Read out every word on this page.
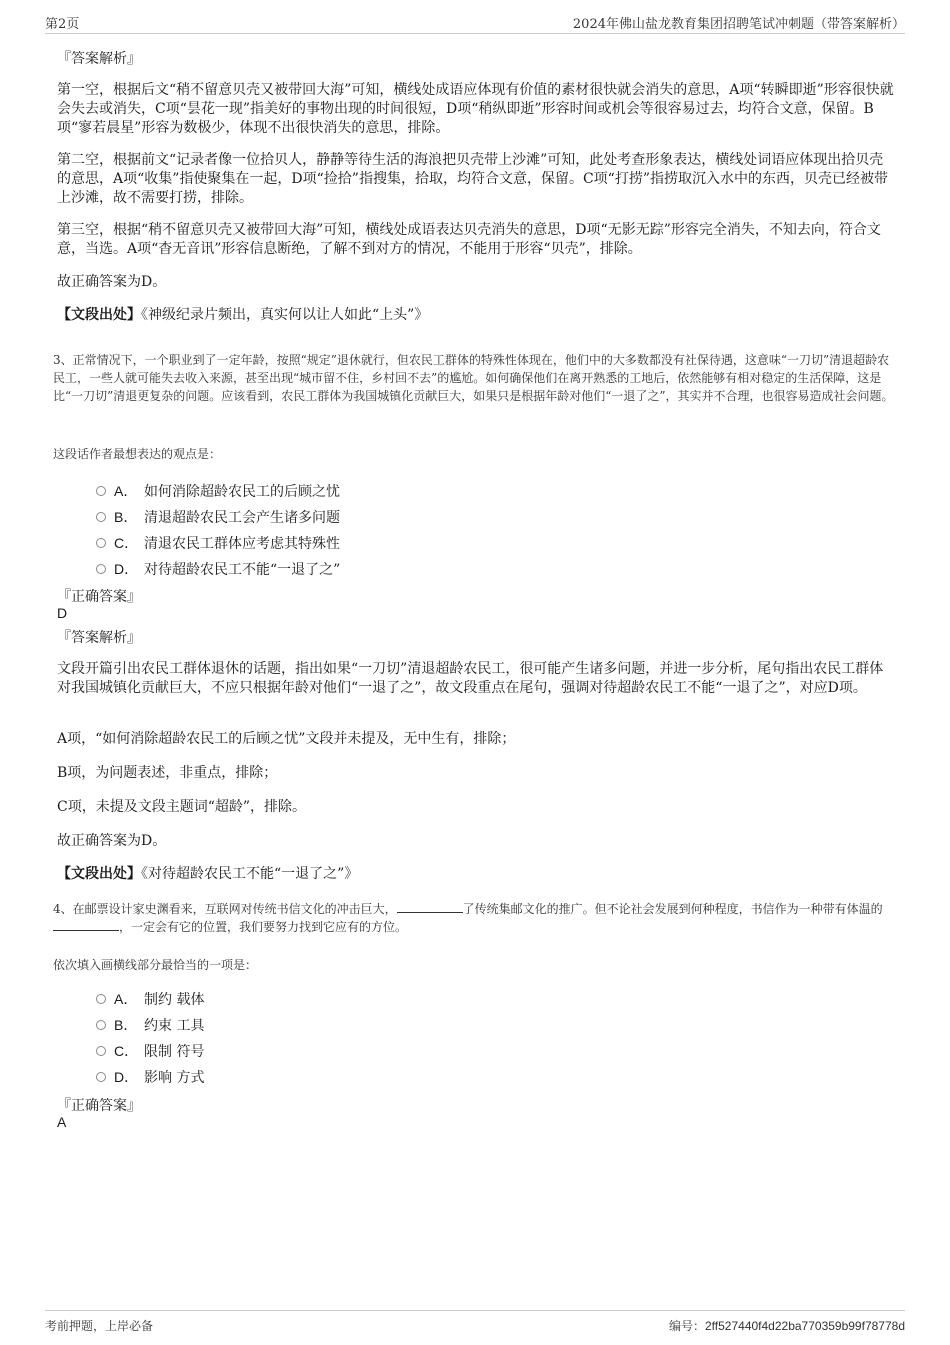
第2页	2024年佛山盐龙教育集团招聘笔试冲刺题（带答案解析）
『答案解析』
第一空，根据后文“稍不留意贝壳又被带回大海”可知，横线处成语应体现有价值的素材很快就会消失的意思，A项“转瞬即逝”形容很快就会失去或消失，C项“昙花一现”指美好的事物出现的时间很短，D项“稍纵即逝”形容时间或机会等很容易过去，均符合文意，保留。B项“寥若晨星”形容为数极少，体现不出很快消失的意思，排除。
第二空，根据前文“记录者像一位拾贝人，静静等待生活的海浪把贝壳带上沙滩”可知，此处考查形象表达，横线处词语应体现出拾贝壳的意思，A项“收集”指使聚集在一起，D项“捡拾”指搜集，拾取，均符合文意，保留。C项“打捞”指捞取沉入水中的东西，贝壳已经被带上沙滩，故不需要打捞，排除。
第三空，根据“稍不留意贝壳又被带回大海”可知，横线处成语表达贝壳消失的意思，D项“无影无踪”形容完全消失，不知去向，符合文意，当选。A项“杳无音讯”形容信息断绝，了解不到对方的情况，不能用于形容“贝壳”，排除。
故正确答案为D。
【文段出处】《神级纪录片频出，真实何以让人如此“上头”》
3、正常情况下，一个职业到了一定年龄，按照“规定”退休就行，但农民工群体的特殊性体现在，他们中的大多数都没有社保待遇，这意味“一刀切”清退超龄农民工，一些人就可能失去收入来源，甚至出现“城市留不住，乡村回不去”的尴尬。如何确保他们在离开熟悉的工地后，依然能够有相对稳定的生活保障，这是比“一刀切”清退更复杂的问题。应该看到，农民工群体为我国城镇化贡献巨大，如果只是根据年龄对他们“一退了之”，其实并不合理，也很容易造成社会问题。
这段话作者最想表达的观点是：
A． 如何消除超龄农民工的后顾之忧
B． 清退超龄农民工会产生诸多问题
C． 清退农民工群体应考虑其特殊性
D． 对待超龄农民工不能“一退了之”
『正确答案』
D
『答案解析』
文段开篇引出农民工群体退休的话题，指出如果“一刀切”清退超龄农民工，很可能产生诸多问题，并进一步分析，尾句指出农民工群体对我国城镇化贡献巨大，不应只根据年龄对他们“一退了之”，故文段重点在尾句，强调对待超龄农民工不能“一退了之”，对应D项。
A项，“如何消除超龄农民工的后顾之忧”文段并未提及，无中生有，排除；
B项，为问题表述，非重点，排除；
C项，未提及文段主题词“超龄”，排除。
故正确答案为D。
【文段出处】《对待超龄农民工不能“一退了之”》
4、在邮票设计家史渊看来，互联网对传统书信文化的冲击巨大，	了传统集邮文化的推广。但不论社会发展到何种程度，书信作为一种带有体温的，一定会有它的位置，我们要努力找到它应有的方位。
依次填入画横线部分最恰当的一项是：
A． 制约 载体
B． 约束 工具
C． 限制 符号
D． 影响 方式
『正确答案』
A
考前押题，上岸必备	编号：2ff527440f4d22ba770359b99f78778d
